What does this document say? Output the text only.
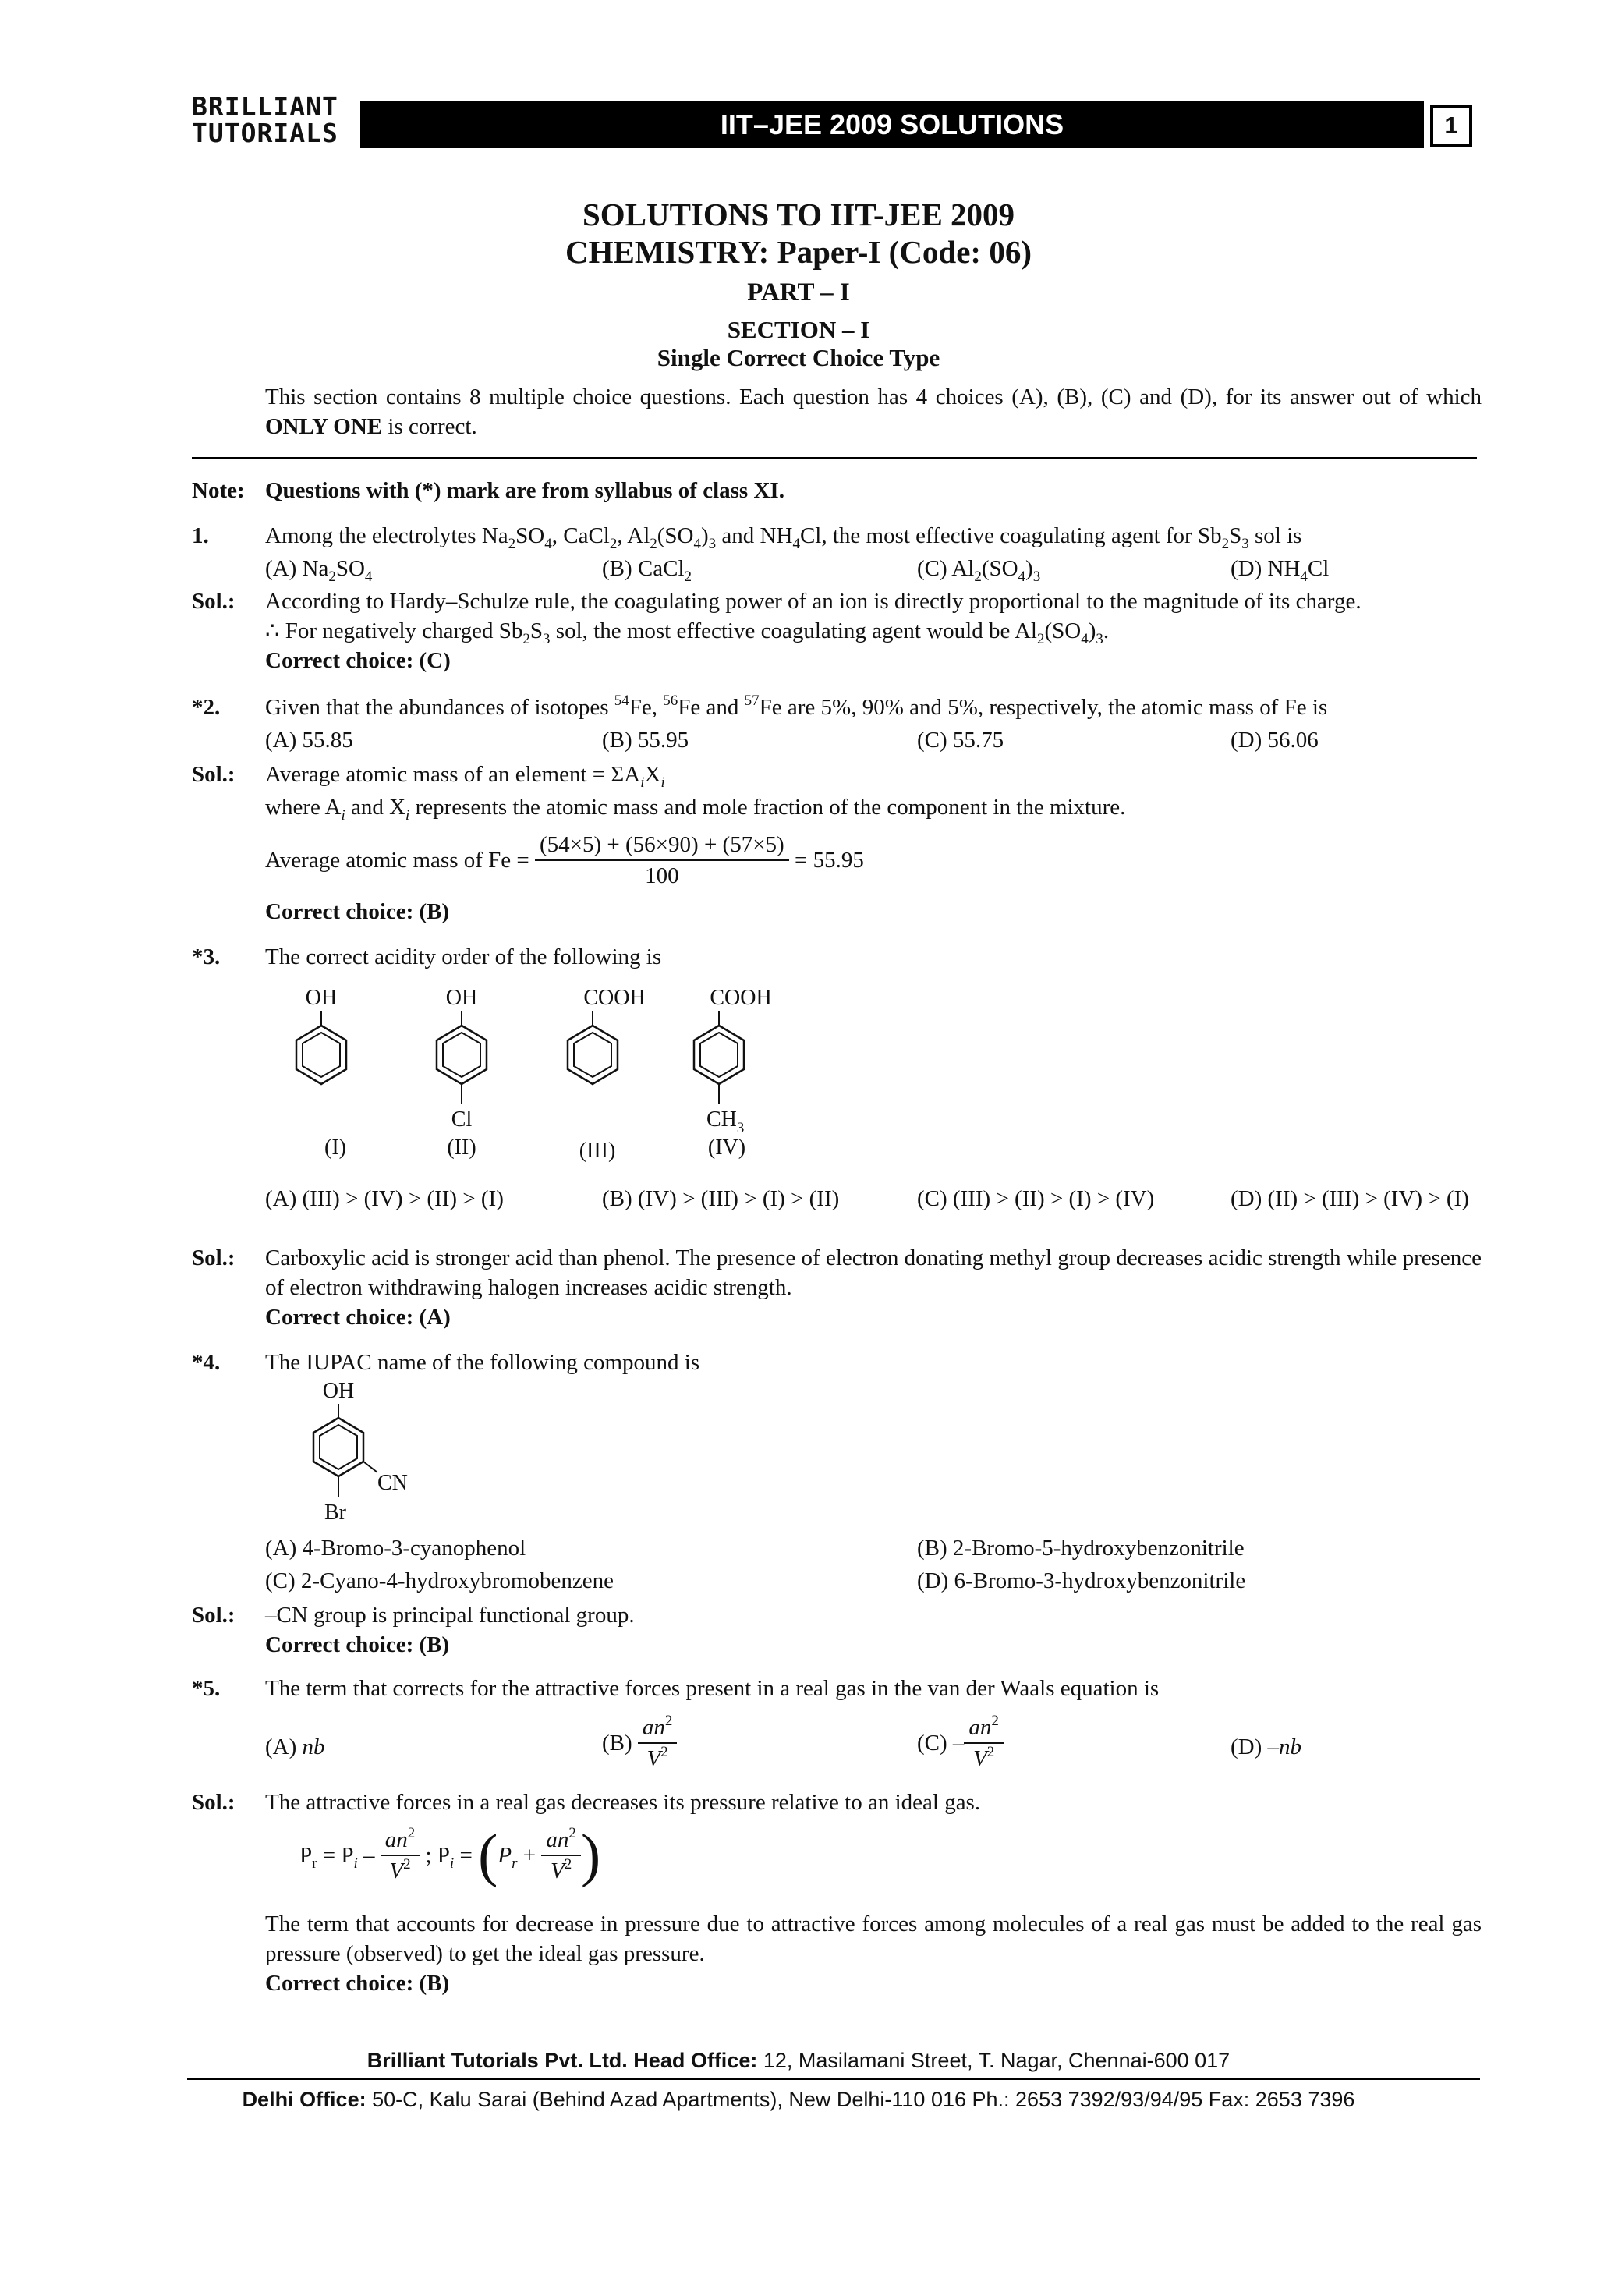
BRILLIANT
TUTORIALS	IIT–JEE 2009 SOLUTIONS	1
SOLUTIONS TO IIT-JEE 2009
CHEMISTRY: Paper-I (Code: 06)
PART – I
SECTION – I
Single Correct Choice Type
This section contains 8 multiple choice questions. Each question has 4 choices (A), (B), (C) and (D), for its answer out of which ONLY ONE is correct.
Note: Questions with (*) mark are from syllabus of class XI.
1. Among the electrolytes $Na_2SO_4$, CaCl$_2$, $Al_2(SO_4)_3$ and $NH_4Cl$, the most effective coagulating agent for $Sb_2S_3$ sol is
(A) $Na_2SO_4$	(B) CaCl$_2$	(C) $Al_2(SO_4)_3$	(D) $NH_4Cl$
Sol.: According to Hardy–Schulze rule, the coagulating power of an ion is directly proportional to the magnitude of its charge.
∴ For negatively charged $Sb_2S_3$ sol, the most effective coagulating agent would be $Al_2(SO_4)_3$.
Correct choice: (C)
*2. Given that the abundances of isotopes $^{54}$Fe, $^{56}$Fe and $^{57}$Fe are 5%, 90% and 5%, respectively, the atomic mass of Fe is
(A) 55.85	(B) 55.95	(C) 55.75	(D) 56.06
Sol.: Average atomic mass of an element = $\Sigma A_iX_i$
where $A_i$ and $X_i$ represents the atomic mass and mole fraction of the component in the mixture.
Average atomic mass of $Fe = \frac{(54\times 5) + (56\times 90) + (57\times 5)}{100} = 55.95$
Correct choice: (B)
*3. The correct acidity order of the following is
OH
(I)
OH
Cl
(II)
COOH
(III)
COOH
$CH_3$
(IV)
(A) (III) > (IV) > (II) > (I)	(B) (IV) > (III) > (I) > (II)	(C) (III) > (II) > (I) > (IV)	(D) (II) > (III) > (IV) > (I)
Sol.: Carboxylic acid is stronger acid than phenol. The presence of electron donating methyl group decreases acidic strength while presence of electron withdrawing halogen increases acidic strength.
Correct choice: (A)
*4. The IUPAC name of the following compound is
OH
CN
Br
(A) 4-Bromo-3-cyanophenol	(B) 2-Bromo-5-hydroxybenzonitrile
(C) 2-Cyano-4-hydroxybromobenzene	(D) 6-Bromo-3-hydroxybenzonitrile
Sol.: –CN group is principal functional group.
Correct choice: (B)
*5. The term that corrects for the attractive forces present in a real gas in the van der Waals equation is
(A) nb	$(B) \frac{an^2}{V^2}$	$(C) - \frac{an^2}{V^2}$	(D) –nb
Sol.: The attractive forces in a real gas decreases its pressure relative to an ideal gas.
$P_r = P_i - \frac{an^2}{V^2}$ ; $P_i = (P_r + \frac{an^2}{V^2}$ )
The term that accounts for decrease in pressure due to attractive forces among molecules of a real gas must be added to the real gas pressure (observed) to get the ideal gas pressure.
Correct choice: (B)
Brilliant Tutorials Pvt. Ltd. Head Office: 12, Masilamani Street, T. Nagar, Chennai-600 017
Delhi Office: 50-C, Kalu Sarai (Behind Azad Apartments), New Delhi-110 016 Ph.: 2653 7392/93/94/95 Fax: 2653 7396
